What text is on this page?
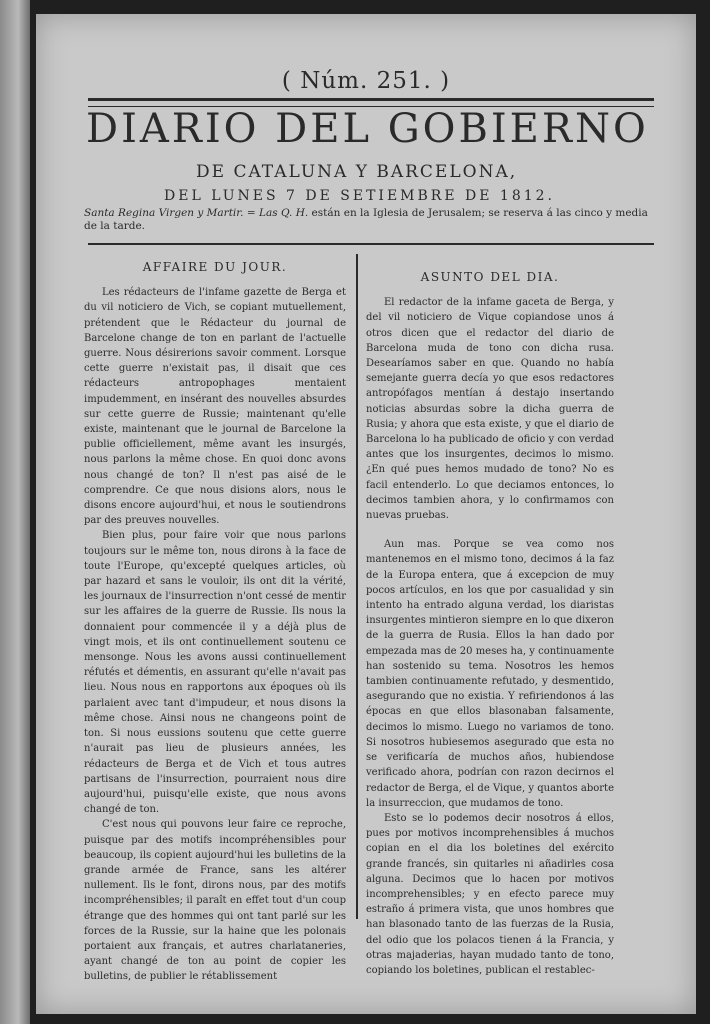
( Núm. 251. )
DIARIO DEL GOBIERNO
DE CATALUNA Y BARCELONA,
DEL LUNES 7 DE SETIEMBRE DE 1812.
Santa Regina Virgen y Martir. = Las Q. H. están en la Iglesia de Jerusalem; se reserva á las cinco y media de la tarde.
AFFAIRE DU JOUR.

Les rédacteurs de l'infame gazette de Berga et du vil noticiero de Vich, se copiant mutuellement, prétendent que le Rédacteur du journal de Barcelone change de ton en parlant de l'actuelle guerre. Nous désirerions savoir comment. Lorsque cette guerre n'existait pas, il disait que ces rédacteurs antropophages mentaient impudemment, en insérant des nouvelles absurdes sur cette guerre de Russie; maintenant qu'elle existe, maintenant que le journal de Barcelone la publie officiellement, même avant les insurgés, nous parlons la même chose. En quoi donc avons nous changé de ton? Il n'est pas aisé de le comprendre. Ce que nous disions alors, nous le disons encore aujourd'hui, et nous le soutiendrons par des preuves nouvelles.

Bien plus, pour faire voir que nous parlons toujours sur le même ton, nous dirons à la face de toute l'Europe, qu'excepté quelques articles, où par hazard et sans le vouloir, ils ont dit la vérité, les journaux de l'insurrection n'ont cessé de mentir sur les affaires de la guerre de Russie. Ils nous la donnaient pour commencée il y a déjà plus de vingt mois, et ils ont continuellement soutenu ce mensonge. Nous les avons aussi continuellement réfutés et démentis, en assurant qu'elle n'avait pas lieu. Nous nous en rapportons aux époques où ils parlaient avec tant d'impudeur, et nous disons la même chose. Ainsi nous ne changeons point de ton. Si nous eussions soutenu que cette guerre n'aurait pas lieu de plusieurs années, les rédacteurs de Berga et de Vich et tous autres partisans de l'insurrection, pourraient nous dire aujourd'hui, puisqu'elle existe, que nous avons changé de ton.

C'est nous qui pouvons leur faire ce reproche, puisque par des motifs incompréhensibles pour beaucoup, ils copient aujourd'hui les bulletins de la grande armée de France, sans les altérer nullement. Ils le font, dirons nous, par des motifs incompréhensibles; il paraît en effet tout d'un coup étrange que des hommes qui ont tant parlé sur les forces de la Russie, sur la haine que les polonais portaient aux français, et autres charlataneries, ayant changé de ton au point de copier les bulletins, de publier le rétablissement

ASUNTO DEL DIA.

El redactor de la infame gaceta de Berga, y del vil noticiero de Vique copiandose unos á otros dicen que el redactor del diario de Barcelona muda de tono con dicha rusa. Desearíamos saber en que. Quando no había semejante guerra decía yo que esos redactores antropófagos mentían á destajo insertando noticias absurdas sobre la dicha guerra de Rusia; y ahora que esta existe, y que el diario de Barcelona lo ha publicado de oficio y con verdad antes que los insurgentes, decimos lo mismo. ¿En qué pues hemos mudado de tono? No es facil entenderlo. Lo que deciamos entonces, lo decimos tambien ahora, y lo confirmamos con nuevas pruebas.

Aun mas. Porque se vea como nos mantenemos en el mismo tono, decimos á la faz de la Europa entera, que á excepcion de muy pocos artículos, en los que por casualidad y sin intento ha entrado alguna verdad, los diaristas insurgentes mintieron siempre en lo que dixeron de la guerra de Rusia. Ellos la han dado por empezada mas de 20 meses ha, y continuamente han sostenido su tema. Nosotros les hemos tambien continuamente refutado, y desmentido, asegurando que no existia. Y refiriendonos á las épocas en que ellos blasonaban falsamente, decimos lo mismo. Luego no variamos de tono. Si nosotros hubiesemos asegurado que esta no se verificaría de muchos años, hubiendose verificado ahora, podrían con razon decirnos el redactor de Berga, el de Vique, y quantos aborte la insurreccion, que mudamos de tono.

Esto se lo podemos decir nosotros á ellos, pues por motivos incomprehensibles á muchos copian en el dia los boletines del exército grande francés, sin quitarles ni añadirles cosa alguna. Decimos que lo hacen por motivos incomprehensibles; y en efecto parece muy estraño á primera vista, que unos hombres que han blasonado tanto de las fuerzas de la Rusia, del odio que los polacos tienen á la Francia, y otras majaderias, hayan mudado tanto de tono, copiando los boletines, publican el restablec-
